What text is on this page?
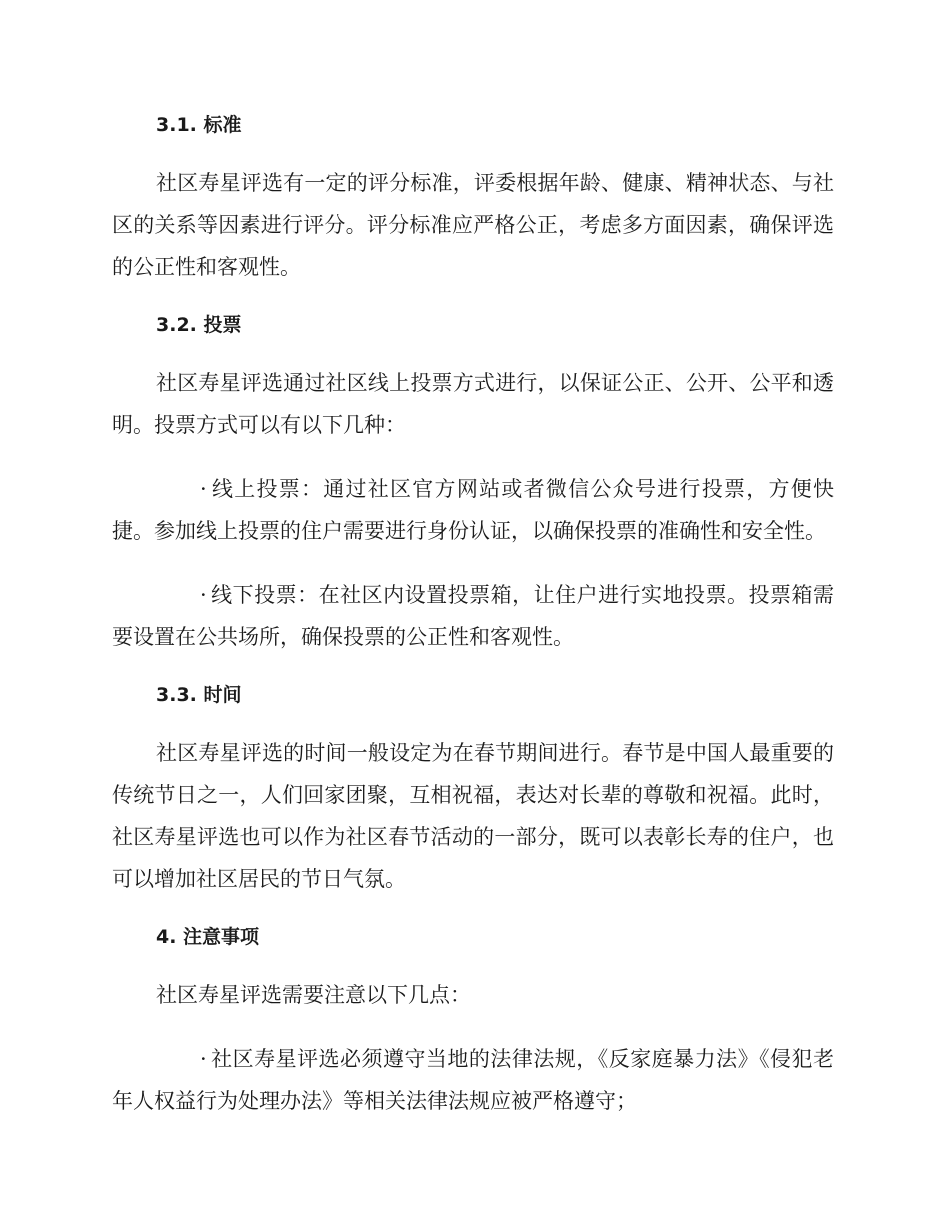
3.1. 标准

社区寿星评选有一定的评分标准，评委根据年龄、健康、精神状态、与社区的关系等因素进行评分。评分标准应严格公正，考虑多方面因素，确保评选的公正性和客观性。

3.2. 投票

社区寿星评选通过社区线上投票方式进行，以保证公正、公开、公平和透明。投票方式可以有以下几种：

· 线上投票：通过社区官方网站或者微信公众号进行投票，方便快捷。参加线上投票的住户需要进行身份认证，以确保投票的准确性和安全性。

· 线下投票：在社区内设置投票箱，让住户进行实地投票。投票箱需要设置在公共场所，确保投票的公正性和客观性。

3.3. 时间

社区寿星评选的时间一般设定为在春节期间进行。春节是中国人最重要的传统节日之一，人们回家团聚，互相祝福，表达对长辈的尊敬和祝福。此时，社区寿星评选也可以作为社区春节活动的一部分，既可以表彰长寿的住户，也可以增加社区居民的节日气氛。

4. 注意事项

社区寿星评选需要注意以下几点：

· 社区寿星评选必须遵守当地的法律法规，《反家庭暴力法》《侵犯老年人权益行为处理办法》等相关法律法规应被严格遵守；
